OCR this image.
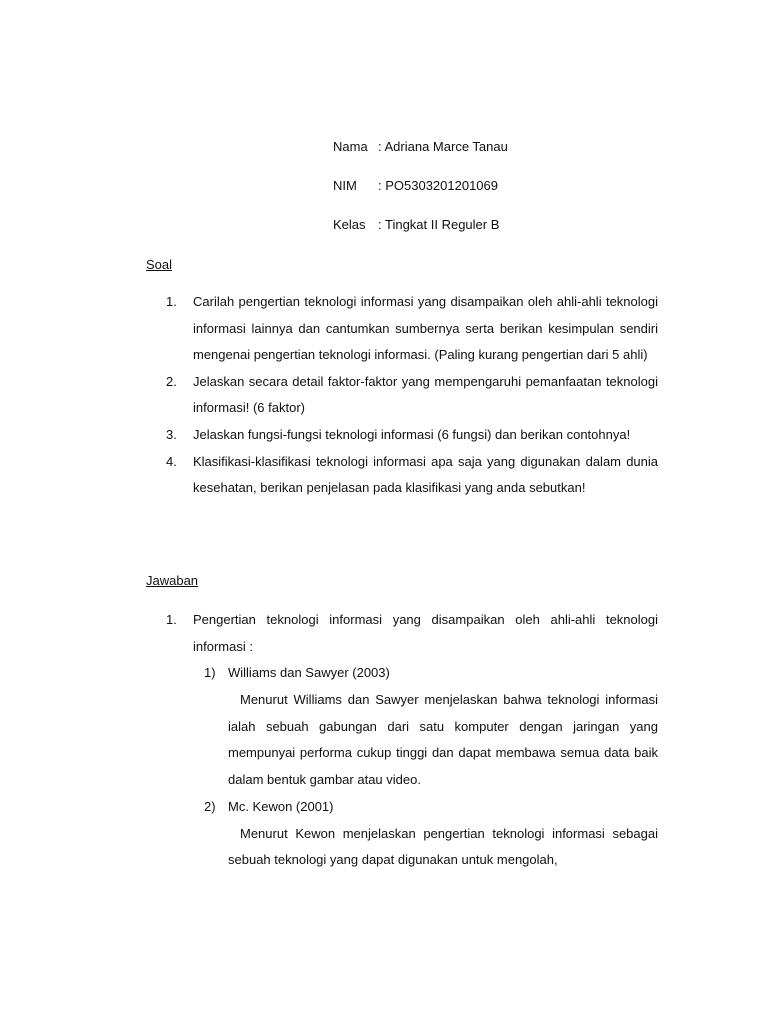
Nama : Adriana Marce Tanau
NIM	: PO5303201201069
Kelas : Tingkat II Reguler B
Soal
1. Carilah pengertian teknologi informasi yang disampaikan oleh ahli-ahli teknologi informasi lainnya dan cantumkan sumbernya serta berikan kesimpulan sendiri mengenai pengertian teknologi informasi. (Paling kurang pengertian dari 5 ahli)
2. Jelaskan secara detail faktor-faktor yang mempengaruhi pemanfaatan teknologi informasi! (6 faktor)
3. Jelaskan fungsi-fungsi teknologi informasi (6 fungsi) dan berikan contohnya!
4. Klasifikasi-klasifikasi teknologi informasi apa saja yang digunakan dalam dunia kesehatan, berikan penjelasan pada klasifikasi yang anda sebutkan!
Jawaban
1. Pengertian teknologi informasi yang disampaikan oleh ahli-ahli teknologi informasi :
1) Williams dan Sawyer (2003)
Menurut Williams dan Sawyer menjelaskan bahwa teknologi informasi ialah sebuah gabungan dari satu komputer dengan jaringan yang mempunyai performa cukup tinggi dan dapat membawa semua data baik dalam bentuk gambar atau video.
2) Mc. Kewon (2001)
Menurut Kewon menjelaskan pengertian teknologi informasi sebagai sebuah teknologi yang dapat digunakan untuk mengolah,
